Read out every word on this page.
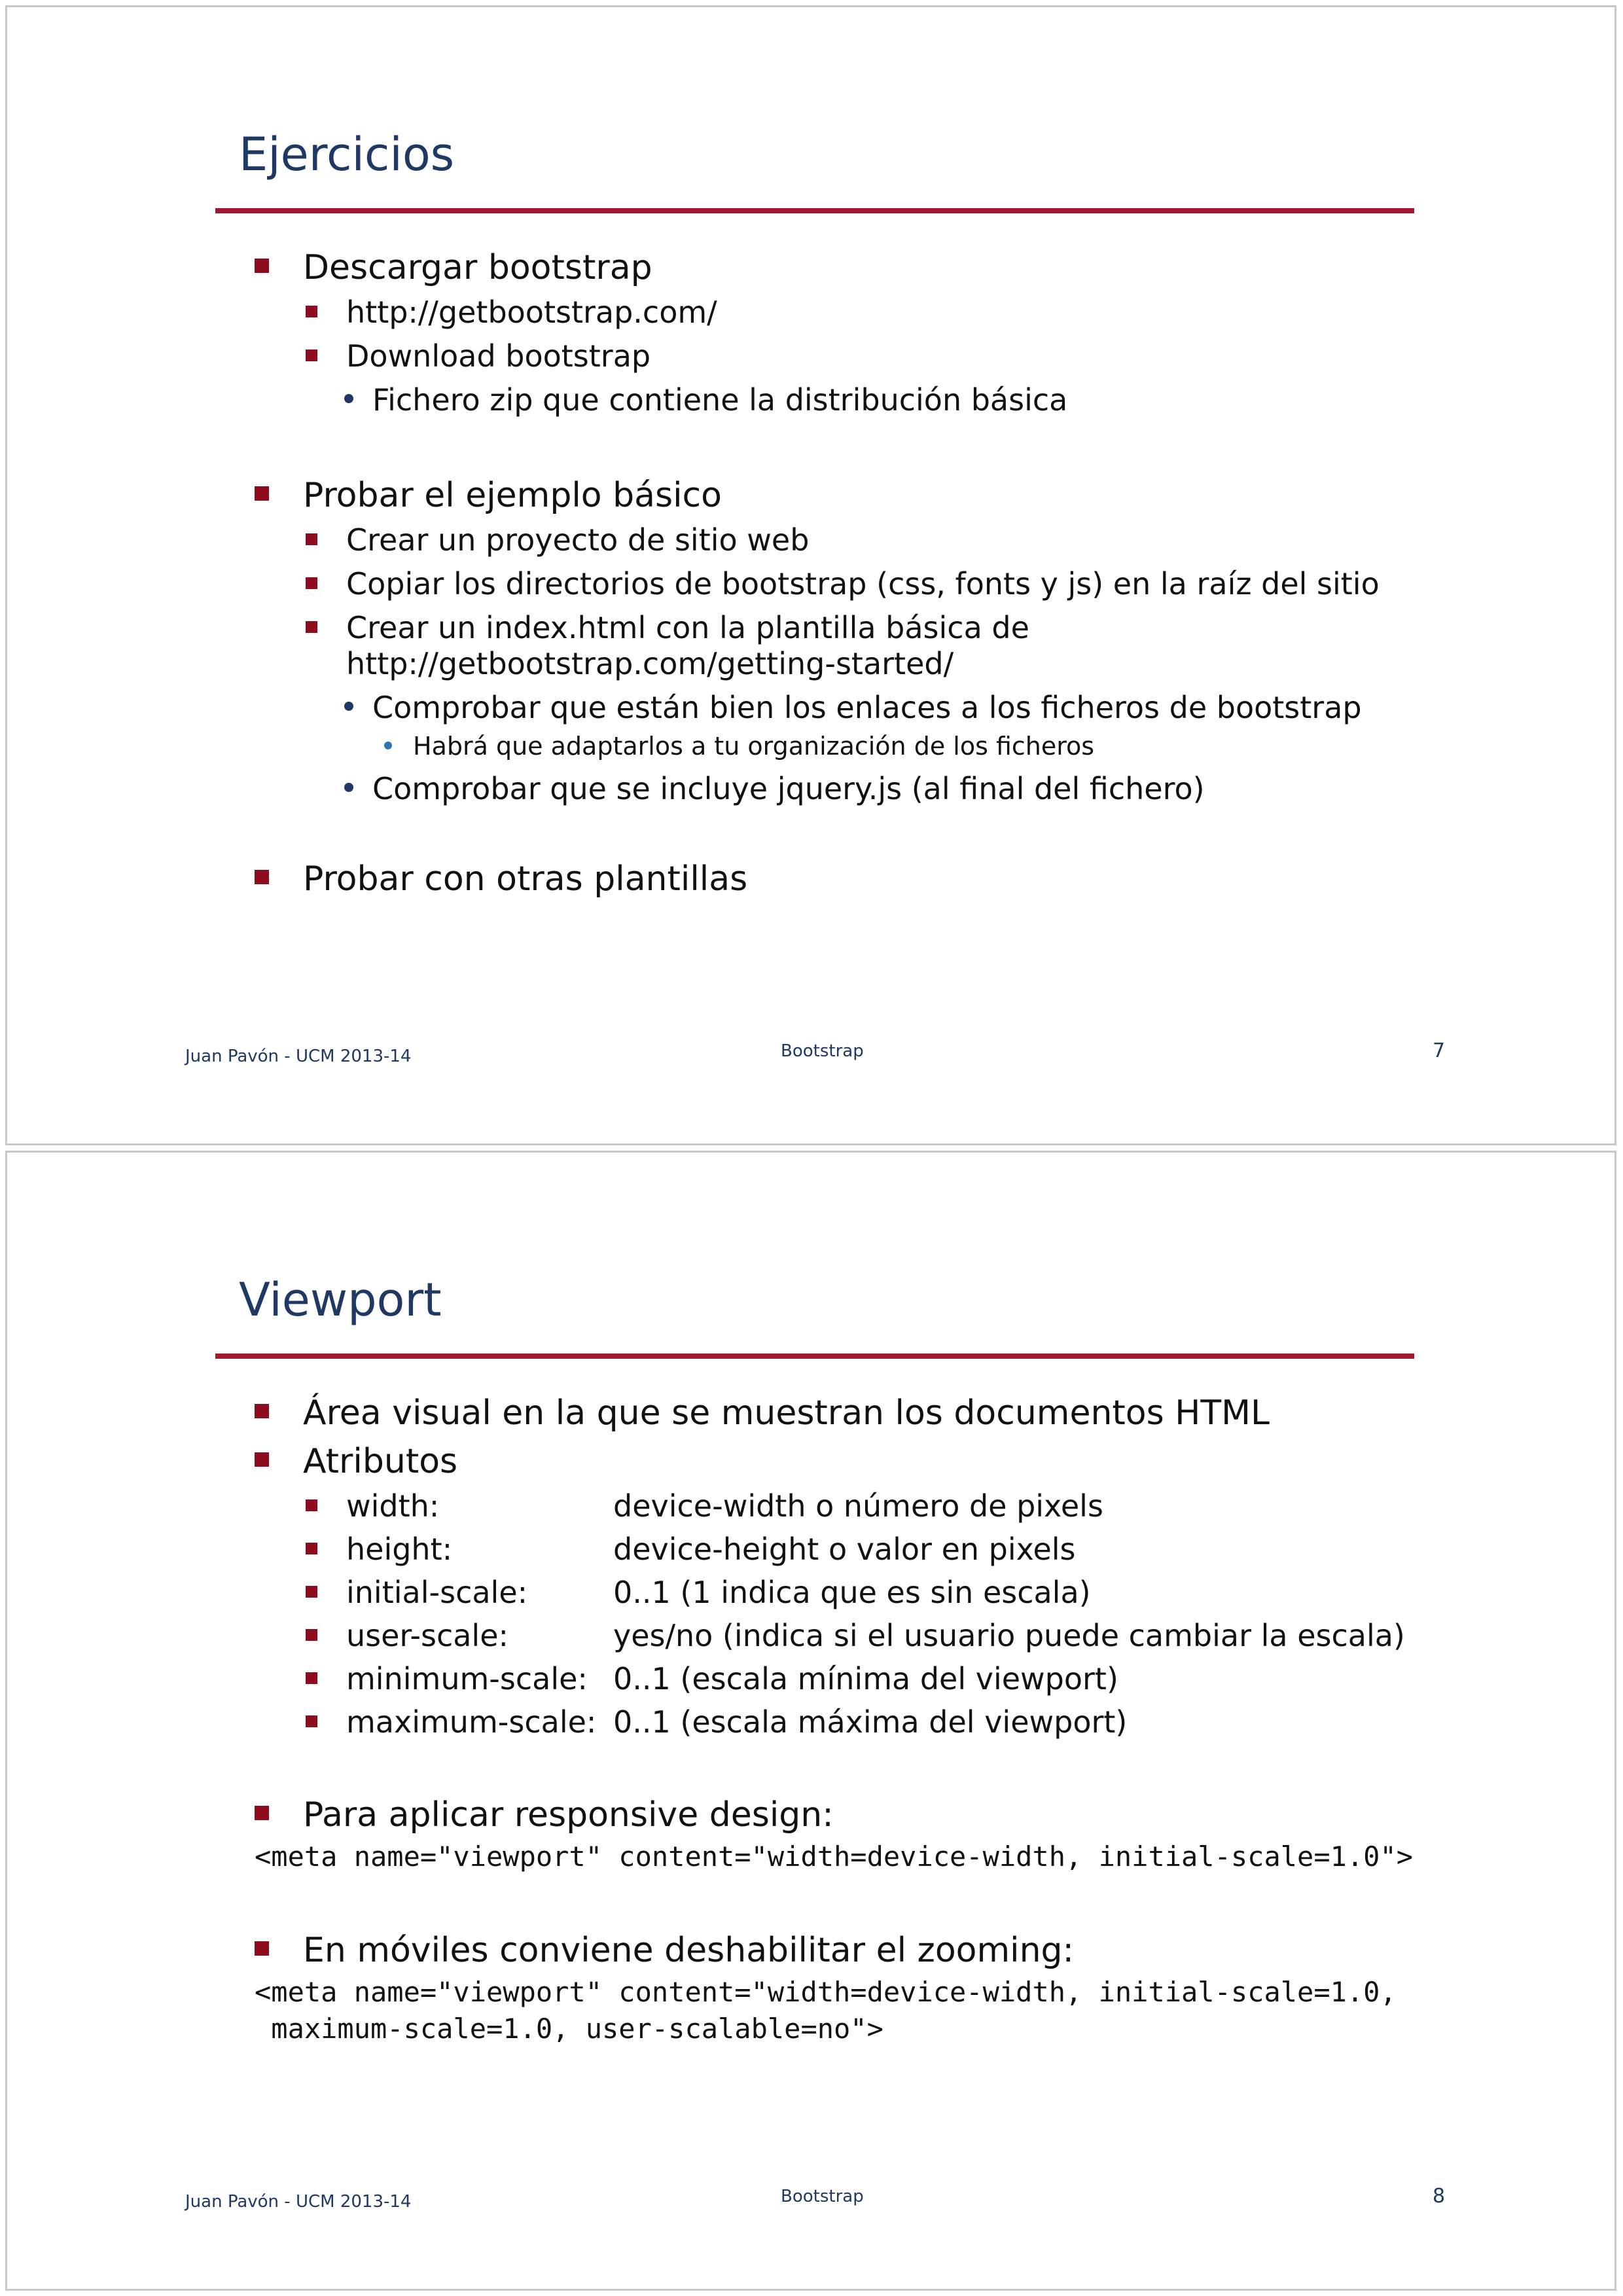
Ejercicios
Descargar bootstrap
http://getbootstrap.com/
Download bootstrap
Fichero zip que contiene la distribución básica
Probar el ejemplo básico
Crear un proyecto de sitio web
Copiar los directorios de bootstrap (css, fonts y js) en la raíz del sitio
Crear un index.html con la plantilla básica de
http://getbootstrap.com/getting-started/
Comprobar que están bien los enlaces a los ficheros de bootstrap
Habrá que adaptarlos a tu organización de los ficheros
Comprobar que se incluye jquery.js (al final del fichero)
Probar con otras plantillas
Juan Pavón - UCM 2013-14	Bootstrap	7
Viewport
Área visual en la que se muestran los documentos HTML
Atributos
width:	device-width o número de pixels
height:	device-height o valor en pixels
initial-scale:	0..1 (1 indica que es sin escala)
user-scale:	yes/no (indica si el usuario puede cambiar la escala)
minimum-scale: 0..1 (escala mínima del viewport)
maximum-scale: 0..1 (escala máxima del viewport)
Para aplicar responsive design:
<meta name="viewport" content="width=device-width, initial-scale=1.0">
En móviles conviene deshabilitar el zooming:
<meta name="viewport" content="width=device-width, initial-scale=1.0,
maximum-scale=1.0, user-scalable=no">
Juan Pavón - UCM 2013-14	Bootstrap	8
